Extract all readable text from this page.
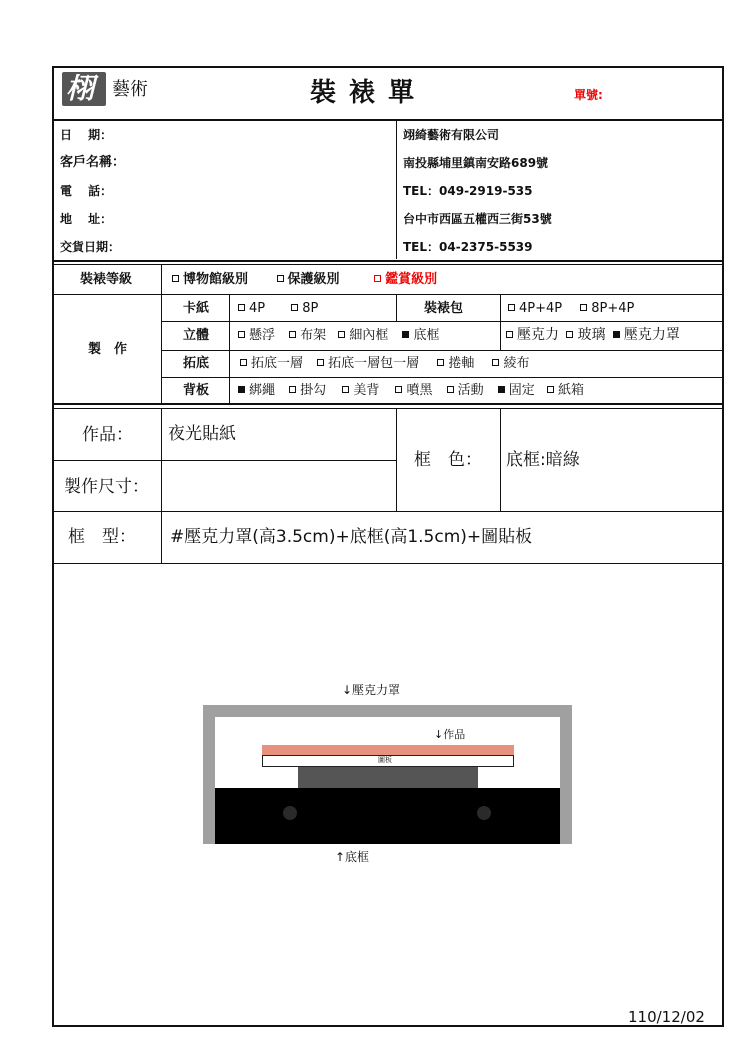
栩 藝術	裝 裱 單	單號:
日　 期：
客戶名稱：
電　 話：
地　 址：
交貨日期：
翊綺藝術有限公司
南投縣埔里鎮南安路689號
TEL：049-2919-535
台中市西區五權西三街53號
TEL：04-2375-5539
裝裱等級	博物館級別	保護級別	鑑賞級別
製　作
卡紙	4P	8P	裝裱包	4P+4P 8P+4P
立體	懸浮 布架 細內框 底框	壓克力 玻璃 壓克力罩
拓底	拓底一層 拓底一層包一層 捲軸 綾布
背板	綁繩 掛勾 美背 噴黑 活動 固定 紙箱
作品： 夜光貼紙
製作尺寸：
框　色： 底框:暗綠
框　型： #壓克力罩(高3.5cm)+底框(高1.5cm)+圖貼板
↓壓克力罩
↓作品
圖板
↑底框
110/12/02
